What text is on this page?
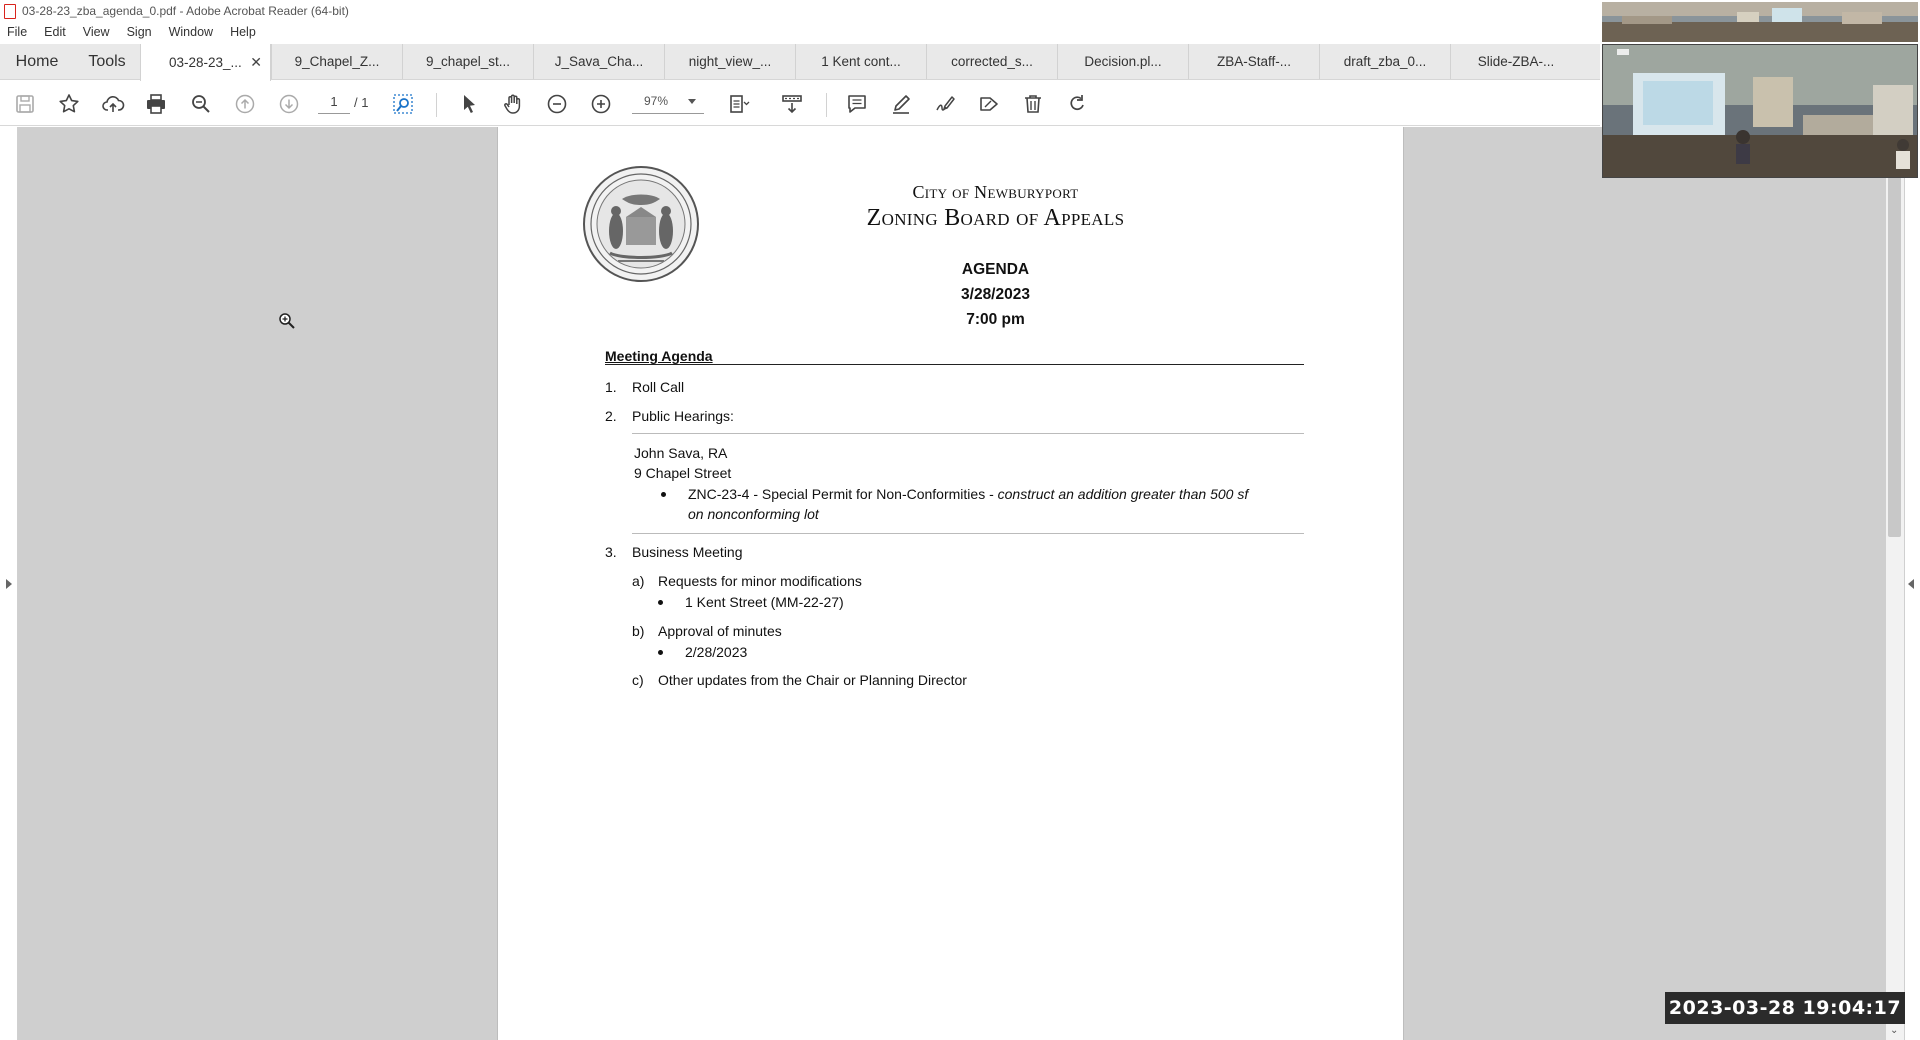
03-28-23_zba_agenda_0.pdf - Adobe Acrobat Reader (64-bit)
File Edit View Sign Window Help
Home	Tools	03-28-23_... ✕	9_Chapel_Z...	9_chapel_st...	J_Sava_Cha...	night_view_...	1 Kent cont...	corrected_s...	Decision.pl...	ZBA-Staff-...	draft_zba_0...	Slide-ZBA-...
1	/ 1	97%
⌄
City of Newburyport
Zoning Board of Appeals
AGENDA
3/28/2023
7:00 pm
Meeting Agenda
1. Roll Call
2. Public Hearings:
John Sava, RA
9 Chapel Street
ZNC-23-4 - Special Permit for Non-Conformities - construct an addition greater than 500 sf
on nonconforming lot
3. Business Meeting
a) Requests for minor modifications
1 Kent Street (MM-22-27)
b) Approval of minutes
2/28/2023
c) Other updates from the Chair or Planning Director
2023-03-28 19:04:17
